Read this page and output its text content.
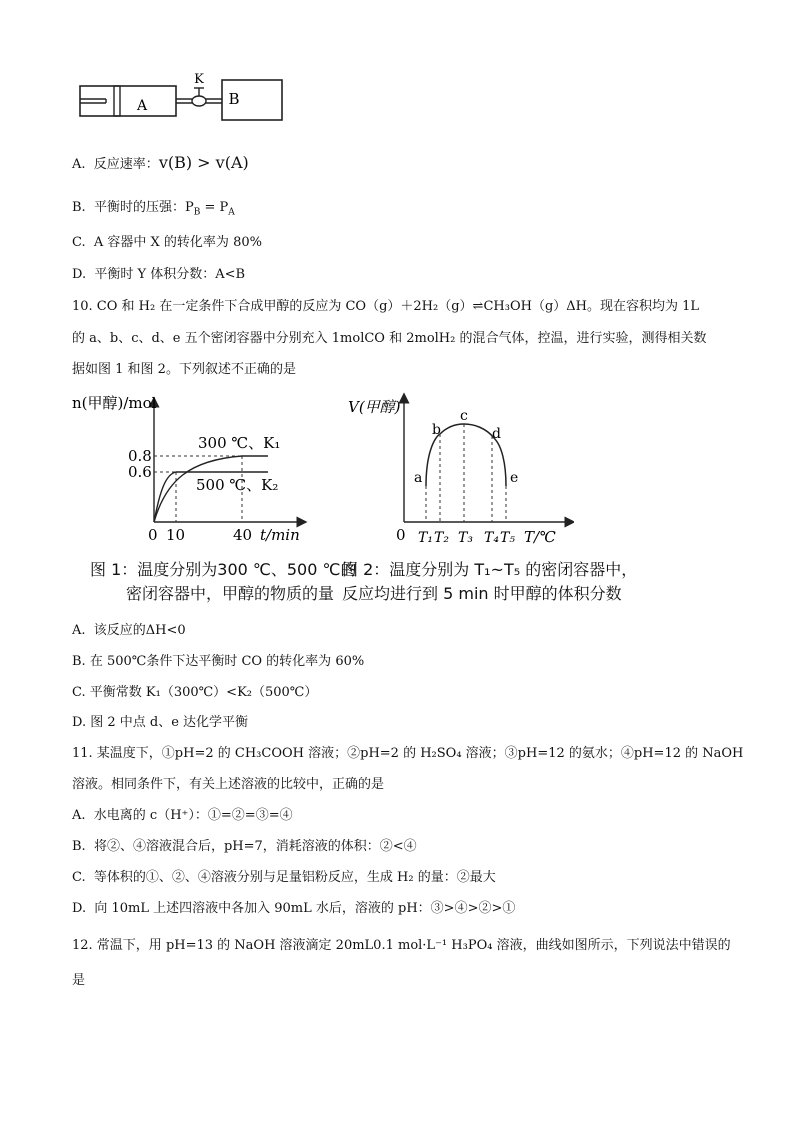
A	B
K
A. 反应速率：v(B) > v(A)
B. 平衡时的压强：$P_B = P_A$
C. A 容器中 X 的转化率为 80%
D. 平衡时 Y 体积分数：A<B
10. CO 和 H₂ 在一定条件下合成甲醇的反应为 CO（g）＋2H₂（g）⇌CH₃OH（g）ΔH。现在容积均为 1L
的 a、b、c、d、e 五个密闭容器中分别充入 1molCO 和 2molH₂ 的混合气体，控温，进行实验，测得相关数
据如图 1 和图 2。下列叙述不正确的是
n(甲醇)/mol
0.8
0.6
0 10	40 t/min
300 ℃、K₁
500 ℃、K₂
图 1：温度分别为300 ℃、500 ℃的
密闭容器中，甲醇的物质的量
V(甲醇)
a
b
c
d
e
0 T₁ T₂ T₃ T₄ T₅ T/℃
图 2：温度分别为 T₁~T₅ 的密闭容器中，
反应均进行到 5 min 时甲醇的体积分数
A. 该反应的ΔH<0
B. 在 500℃条件下达平衡时 CO 的转化率为 60%
C. 平衡常数 K₁（300℃）<K₂（500℃）
D. 图 2 中点 d、e 达化学平衡
11. 某温度下，①pH=2 的 CH₃COOH 溶液；②pH=2 的 H₂SO₄ 溶液；③pH=12 的氨水；④pH=12 的 NaOH
溶液。相同条件下，有关上述溶液的比较中，正确的是
A. 水电离的 c（H⁺）：①=②=③=④
B. 将②、④溶液混合后，pH=7，消耗溶液的体积：②<④
C. 等体积的①、②、④溶液分别与足量铝粉反应，生成 H₂ 的量：②最大
D. 向 10mL 上述四溶液中各加入 90mL 水后，溶液的 pH：③>④>②>①
12. 常温下，用 pH=13 的 NaOH 溶液滴定 20mL0.1 mol·L⁻¹ H₃PO₄ 溶液，曲线如图所示，下列说法中错误的
是
